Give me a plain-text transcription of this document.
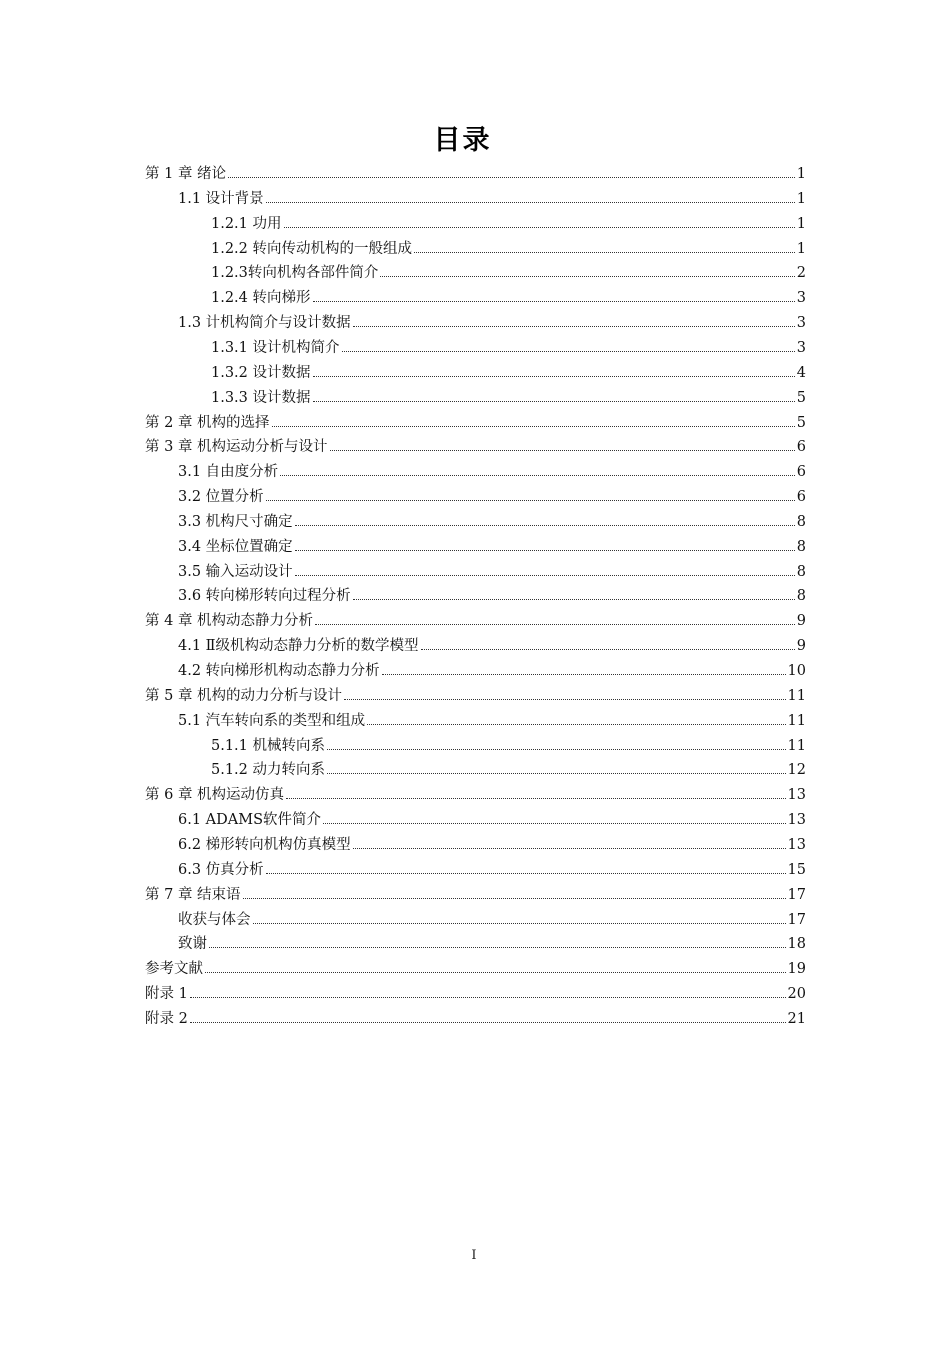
目录
第 1 章 绪论	1
1.1 设计背景	1
1.2.1 功用	1
1.2.2 转向传动机构的一般组成	1
1.2.3转向机构各部件简介	2
1.2.4 转向梯形	3
1.3 计机构简介与设计数据	3
1.3.1 设计机构简介	3
1.3.2 设计数据	4
1.3.3 设计数据	5
第 2 章 机构的选择	5
第 3 章 机构运动分析与设计	6
3.1 自由度分析	6
3.2 位置分析	6
3.3 机构尺寸确定	8
3.4 坐标位置确定	8
3.5 输入运动设计	8
3.6 转向梯形转向过程分析	8
第 4 章 机构动态静力分析	9
4.1 Ⅱ级机构动态静力分析的数学模型	9
4.2 转向梯形机构动态静力分析	10
第 5 章 机构的动力分析与设计	11
5.1 汽车转向系的类型和组成	11
5.1.1 机械转向系	11
5.1.2 动力转向系	12
第 6 章 机构运动仿真	13
6.1 ADAMS软件简介	13
6.2 梯形转向机构仿真模型	13
6.3 仿真分析	15
第 7 章 结束语	17
收获与体会	17
致谢	18
参考文献	19
附录 1	20
附录 2	21
I
